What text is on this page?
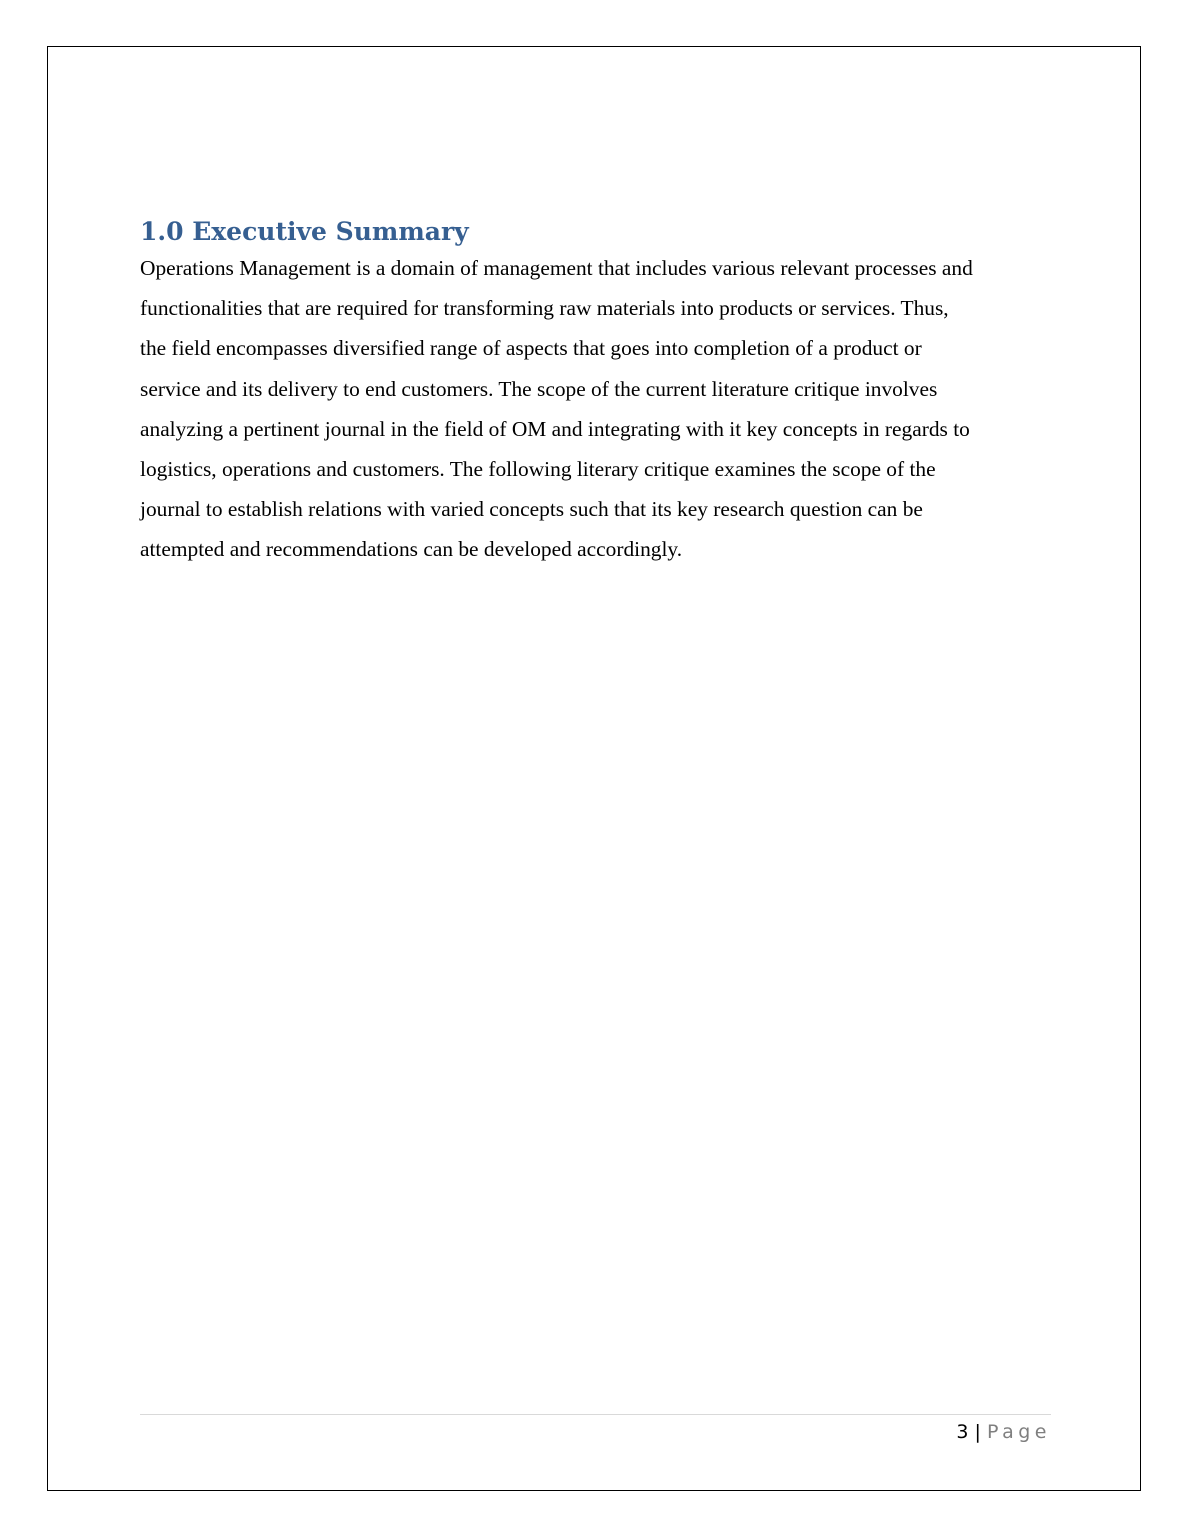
1.0 Executive Summary
Operations Management is a domain of management that includes various relevant processes and
functionalities that are required for transforming raw materials into products or services. Thus,
the field encompasses diversified range of aspects that goes into completion of a product or
service and its delivery to end customers. The scope of the current literature critique involves
analyzing a pertinent journal in the field of OM and integrating with it key concepts in regards to
logistics, operations and customers. The following literary critique examines the scope of the
journal to establish relations with varied concepts such that its key research question can be
attempted and recommendations can be developed accordingly.
3 | Page
